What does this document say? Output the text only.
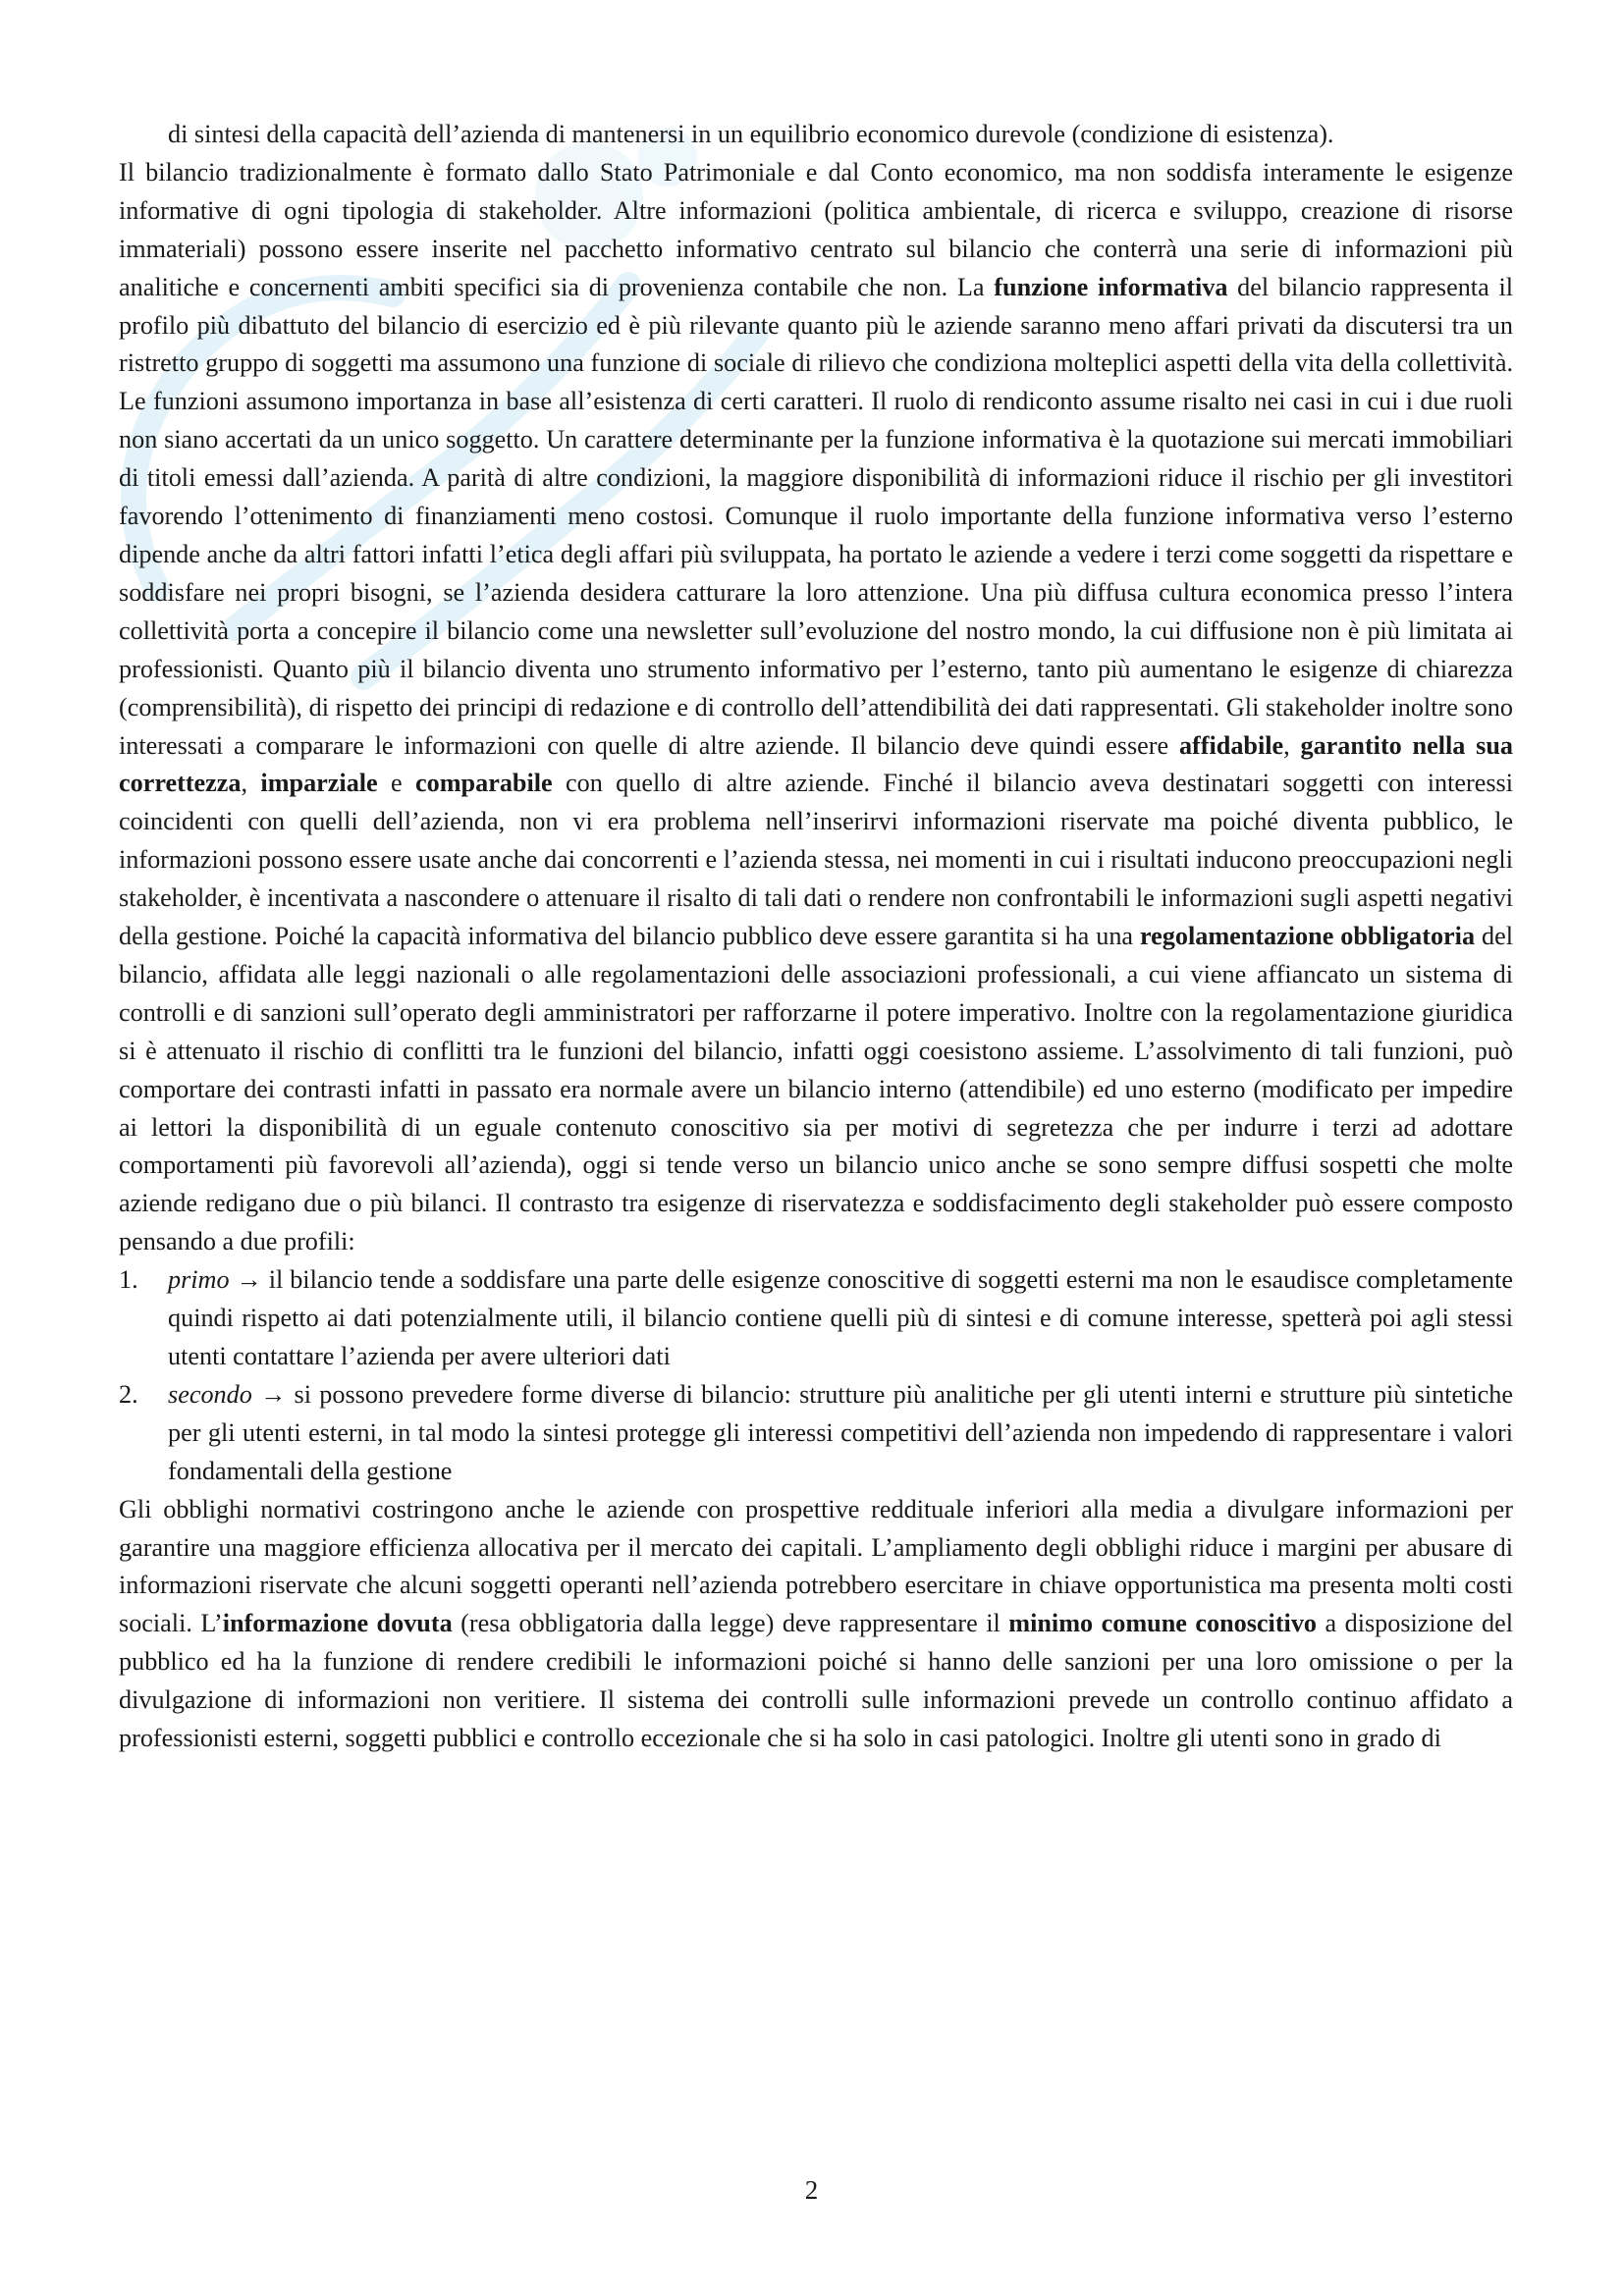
di sintesi della capacità dell’azienda di mantenersi in un equilibrio economico durevole (condizione di esistenza).

Il bilancio tradizionalmente è formato dallo Stato Patrimoniale e dal Conto economico, ma non soddisfa interamente le esigenze informative di ogni tipologia di stakeholder. Altre informazioni (politica ambientale, di ricerca e sviluppo, creazione di risorse immateriali) possono essere inserite nel pacchetto informativo centrato sul bilancio che conterrà una serie di informazioni più analitiche e concernenti ambiti specifici sia di provenienza contabile che non. La funzione informativa del bilancio rappresenta il profilo più dibattuto del bilancio di esercizio ed è più rilevante quanto più le aziende saranno meno affari privati da discutersi tra un ristretto gruppo di soggetti ma assumono una funzione di sociale di rilievo che condiziona molteplici aspetti della vita della collettività. Le funzioni assumono importanza in base all’esistenza di certi caratteri. Il ruolo di rendiconto assume risalto nei casi in cui i due ruoli non siano accertati da un unico soggetto. Un carattere determinante per la funzione informativa è la quotazione sui mercati immobiliari di titoli emessi dall’azienda. A parità di altre condizioni, la maggiore disponibilità di informazioni riduce il rischio per gli investitori favorendo l’ottenimento di finanziamenti meno costosi. Comunque il ruolo importante della funzione informativa verso l’esterno dipende anche da altri fattori infatti l’etica degli affari più sviluppata, ha portato le aziende a vedere i terzi come soggetti da rispettare e soddisfare nei propri bisogni, se l’azienda desidera catturare la loro attenzione. Una più diffusa cultura economica presso l’intera collettività porta a concepire il bilancio come una newsletter sull’evoluzione del nostro mondo, la cui diffusione non è più limitata ai professionisti. Quanto più il bilancio diventa uno strumento informativo per l’esterno, tanto più aumentano le esigenze di chiarezza (comprensibilità), di rispetto dei principi di redazione e di controllo dell’attendibilità dei dati rappresentati. Gli stakeholder inoltre sono interessati a comparare le informazioni con quelle di altre aziende. Il bilancio deve quindi essere affidabile, garantito nella sua correttezza, imparziale e comparabile con quello di altre aziende. Finché il bilancio aveva destinatari soggetti con interessi coincidenti con quelli dell’azienda, non vi era problema nell’inserirvi informazioni riservate ma poiché diventa pubblico, le informazioni possono essere usate anche dai concorrenti e l’azienda stessa, nei momenti in cui i risultati inducono preoccupazioni negli stakeholder, è incentivata a nascondere o attenuare il risalto di tali dati o rendere non confrontabili le informazioni sugli aspetti negativi della gestione. Poiché la capacità informativa del bilancio pubblico deve essere garantita si ha una regolamentazione obbligatoria del bilancio, affidata alle leggi nazionali o alle regolamentazioni delle associazioni professionali, a cui viene affiancato un sistema di controlli e di sanzioni sull’operato degli amministratori per rafforzarne il potere imperativo. Inoltre con la regolamentazione giuridica si è attenuato il rischio di conflitti tra le funzioni del bilancio, infatti oggi coesistono assieme. L’assolvimento di tali funzioni, può comportare dei contrasti infatti in passato era normale avere un bilancio interno (attendibile) ed uno esterno (modificato per impedire ai lettori la disponibilità di un eguale contenuto conoscitivo sia per motivi di segretezza che per indurre i terzi ad adottare comportamenti più favorevoli all’azienda), oggi si tende verso un bilancio unico anche se sono sempre diffusi sospetti che molte aziende redigano due o più bilanci. Il contrasto tra esigenze di riservatezza e soddisfacimento degli stakeholder può essere composto pensando a due profili:

1. primo → il bilancio tende a soddisfare una parte delle esigenze conoscitive di soggetti esterni ma non le esaudisce completamente quindi rispetto ai dati potenzialmente utili, il bilancio contiene quelli più di sintesi e di comune interesse, spetterà poi agli stessi utenti contattare l’azienda per avere ulteriori dati
2. secondo → si possono prevedere forme diverse di bilancio: strutture più analitiche per gli utenti interni e strutture più sintetiche per gli utenti esterni, in tal modo la sintesi protegge gli interessi competitivi dell’azienda non impedendo di rappresentare i valori fondamentali della gestione

Gli obblighi normativi costringono anche le aziende con prospettive reddituale inferiori alla media a divulgare informazioni per garantire una maggiore efficienza allocativa per il mercato dei capitali. L’ampliamento degli obblighi riduce i margini per abusare di informazioni riservate che alcuni soggetti operanti nell’azienda potrebbero esercitare in chiave opportunistica ma presenta molti costi sociali. L’informazione dovuta (resa obbligatoria dalla legge) deve rappresentare il minimo comune conoscitivo a disposizione del pubblico ed ha la funzione di rendere credibili le informazioni poiché si hanno delle sanzioni per una loro omissione o per la divulgazione di informazioni non veritiere. Il sistema dei controlli sulle informazioni prevede un controllo continuo affidato a professionisti esterni, soggetti pubblici e controllo eccezionale che si ha solo in casi patologici. Inoltre gli utenti sono in grado di

2
